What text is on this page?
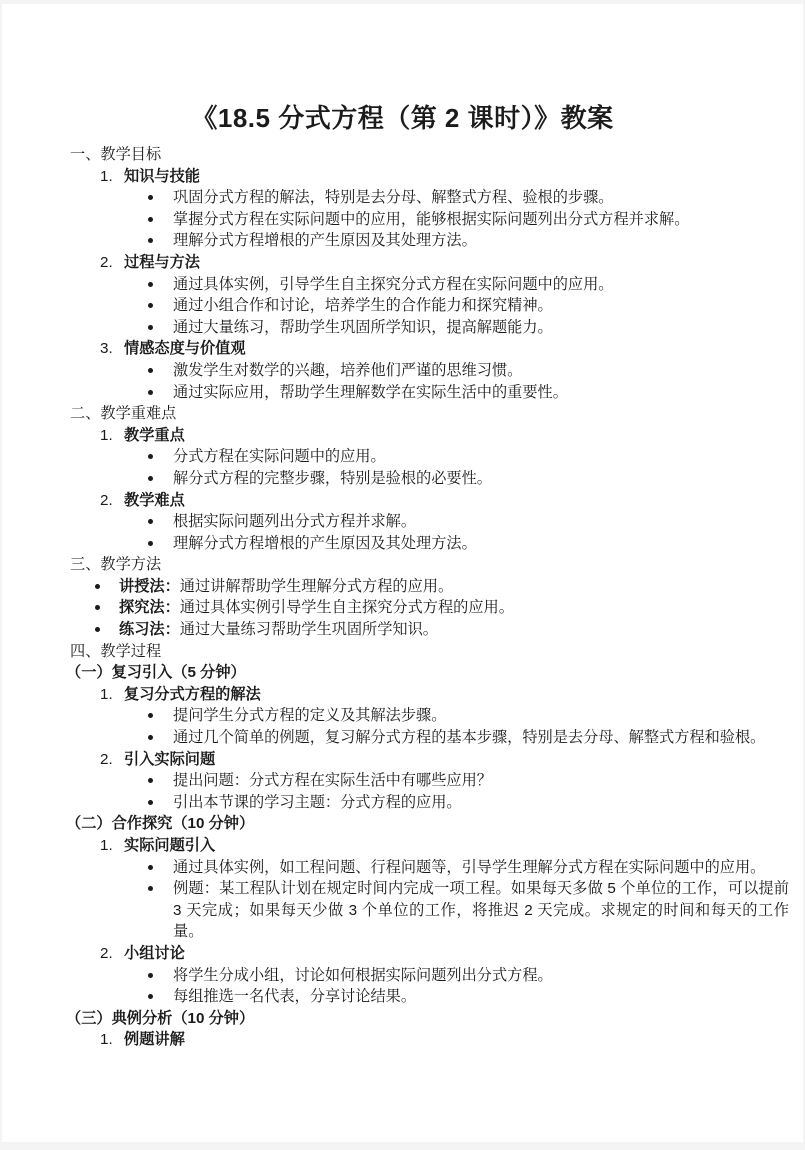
《18.5 分式方程（第 2 课时）》教案
一、教学目标
1. 知识与技能
巩固分式方程的解法，特别是去分母、解整式方程、验根的步骤。
掌握分式方程在实际问题中的应用，能够根据实际问题列出分式方程并求解。
理解分式方程增根的产生原因及其处理方法。
2. 过程与方法
通过具体实例，引导学生自主探究分式方程在实际问题中的应用。
通过小组合作和讨论，培养学生的合作能力和探究精神。
通过大量练习，帮助学生巩固所学知识，提高解题能力。
3. 情感态度与价值观
激发学生对数学的兴趣，培养他们严谨的思维习惯。
通过实际应用，帮助学生理解数学在实际生活中的重要性。
二、教学重难点
1. 教学重点
分式方程在实际问题中的应用。
解分式方程的完整步骤，特别是验根的必要性。
2. 教学难点
根据实际问题列出分式方程并求解。
理解分式方程增根的产生原因及其处理方法。
三、教学方法
讲授法：通过讲解帮助学生理解分式方程的应用。
探究法：通过具体实例引导学生自主探究分式方程的应用。
练习法：通过大量练习帮助学生巩固所学知识。
四、教学过程
（一）复习引入（5 分钟）
1. 复习分式方程的解法
提问学生分式方程的定义及其解法步骤。
通过几个简单的例题，复习解分式方程的基本步骤，特别是去分母、解整式方程和验根。
2. 引入实际问题
提出问题：分式方程在实际生活中有哪些应用？
引出本节课的学习主题：分式方程的应用。
（二）合作探究（10 分钟）
1. 实际问题引入
通过具体实例，如工程问题、行程问题等，引导学生理解分式方程在实际问题中的应用。
例题：某工程队计划在规定时间内完成一项工程。如果每天多做 5 个单位的工作，可以提前 3 天完成；如果每天少做 3 个单位的工作，将推迟 2 天完成。求规定的时间和每天的工作量。
2. 小组讨论
将学生分成小组，讨论如何根据实际问题列出分式方程。
每组推选一名代表，分享讨论结果。
（三）典例分析（10 分钟）
1. 例题讲解
